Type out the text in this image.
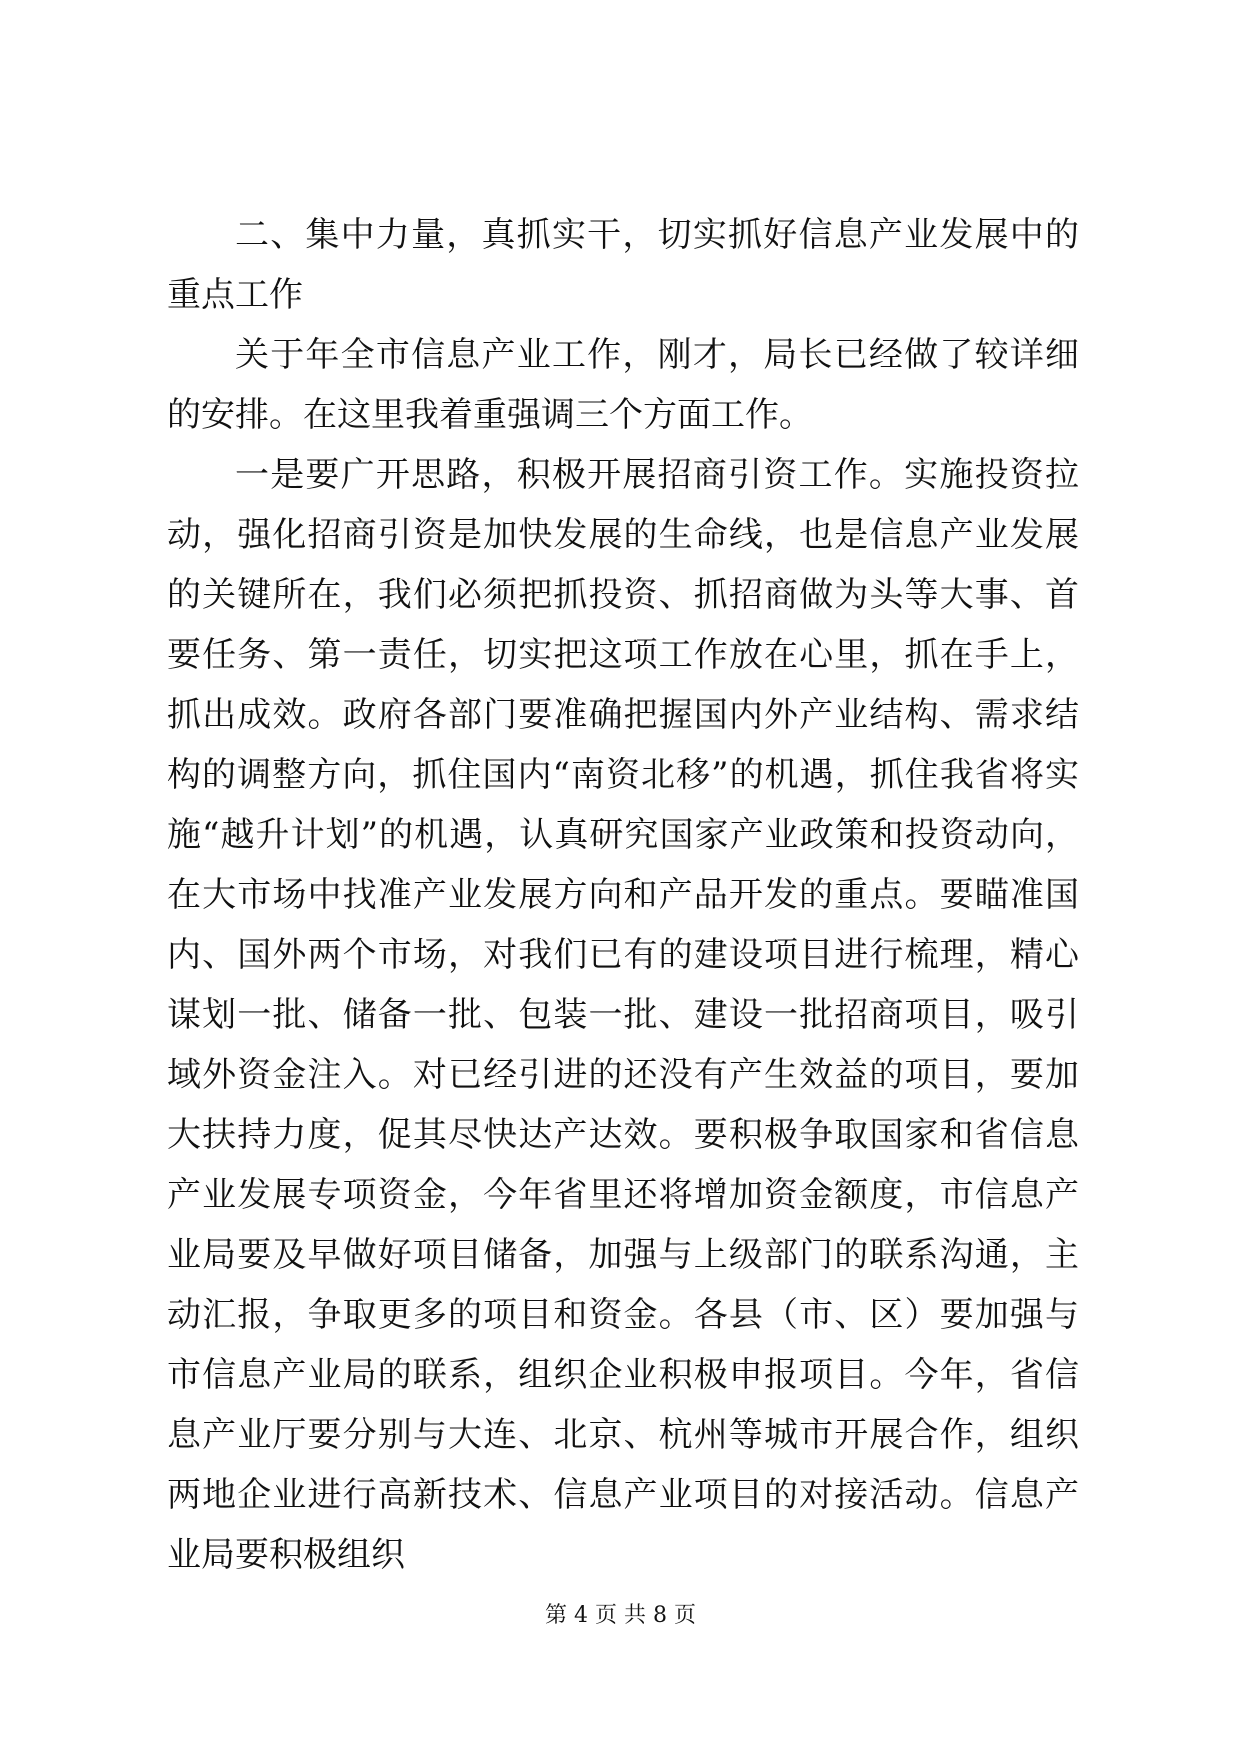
二、集中力量，真抓实干，切实抓好信息产业发展中的重点工作

关于年全市信息产业工作，刚才，局长已经做了较详细的安排。在这里我着重强调三个方面工作。

一是要广开思路，积极开展招商引资工作。实施投资拉动，强化招商引资是加快发展的生命线，也是信息产业发展的关键所在，我们必须把抓投资、抓招商做为头等大事、首要任务、第一责任，切实把这项工作放在心里，抓在手上，抓出成效。政府各部门要准确把握国内外产业结构、需求结构的调整方向，抓住国内“南资北移”的机遇，抓住我省将实施“越升计划”的机遇，认真研究国家产业政策和投资动向，在大市场中找准产业发展方向和产品开发的重点。要瞄准国内、国外两个市场，对我们已有的建设项目进行梳理，精心谋划一批、储备一批、包装一批、建设一批招商项目，吸引域外资金注入。对已经引进的还没有产生效益的项目，要加大扶持力度，促其尽快达产达效。要积极争取国家和省信息产业发展专项资金，今年省里还将增加资金额度，市信息产业局要及早做好项目储备，加强与上级部门的联系沟通，主动汇报，争取更多的项目和资金。各县（市、区）要加强与市信息产业局的联系，组织企业积极申报项目。今年，省信息产业厅要分别与大连、北京、杭州等城市开展合作，组织两地企业进行高新技术、信息产业项目的对接活动。信息产业局要积极组织

第 4 页 共 8 页
